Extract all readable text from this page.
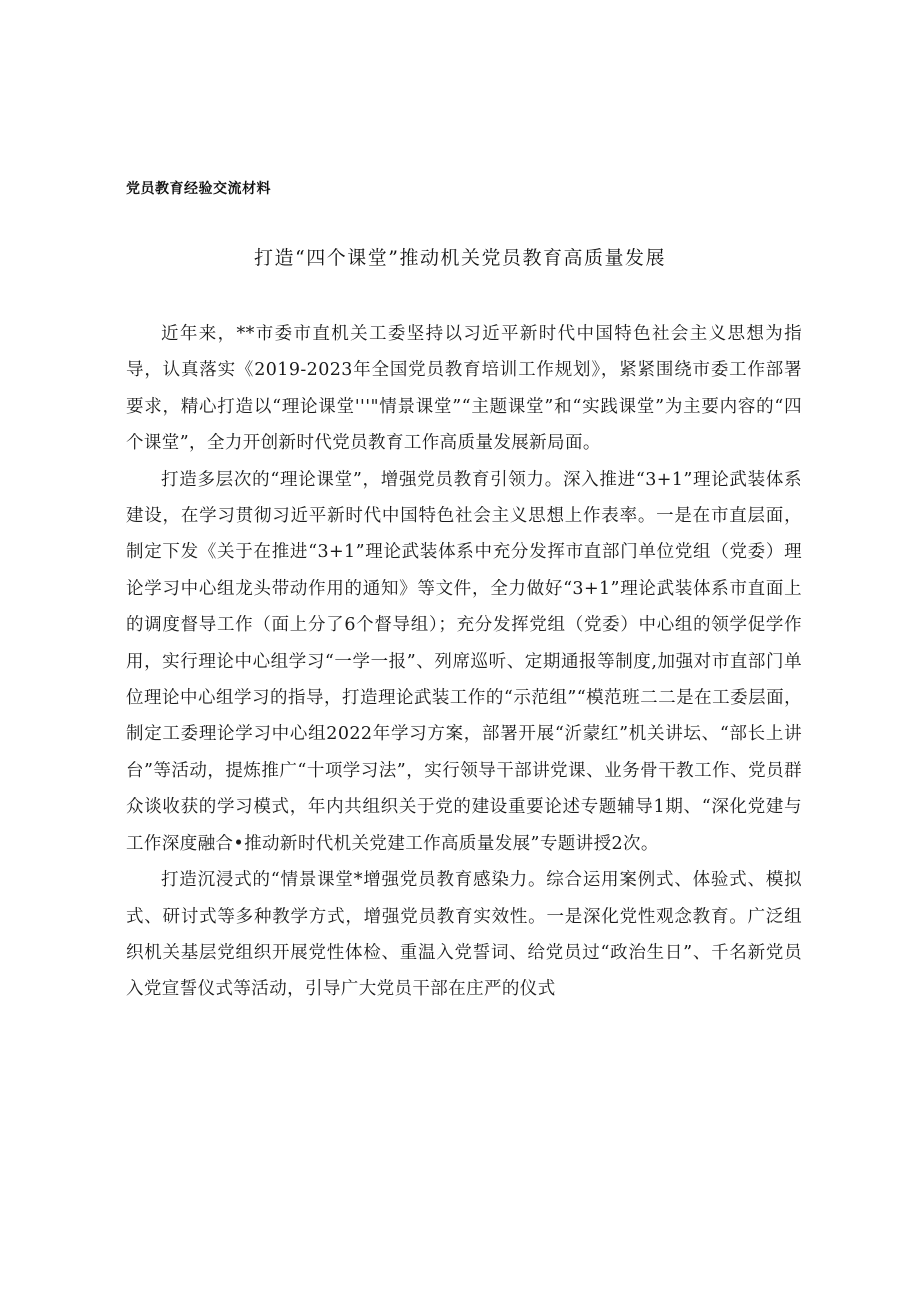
党员教育经验交流材料
打造“四个课堂”推动机关党员教育高质量发展

近年来，**市委市直机关工委坚持以习近平新时代中国特色社会主义思想为指导，认真落实《2019-2023年全国党员教育培训工作规划》，紧紧围绕市委工作部署要求，精心打造以“理论课堂'''"情景课堂”“主题课堂”和“实践课堂”为主要内容的“四个课堂”，全力开创新时代党员教育工作高质量发展新局面。

打造多层次的“理论课堂”，增强党员教育引领力。深入推进“3+1”理论武装体系建设，在学习贯彻习近平新时代中国特色社会主义思想上作表率。一是在市直层面，制定下发《关于在推进“3+1”理论武装体系中充分发挥市直部门单位党组（党委）理论学习中心组龙头带动作用的通知》等文件，全力做好“3+1”理论武装体系市直面上的调度督导工作（面上分了6个督导组）；充分发挥党组（党委）中心组的领学促学作用，实行理论中心组学习“一学一报”、列席巡听、定期通报等制度,加强对市直部门单位理论中心组学习的指导，打造理论武装工作的“示范组”“模范班二二是在工委层面，制定工委理论学习中心组2022年学习方案，部署开展“沂蒙红”机关讲坛、“部长上讲台”等活动，提炼推广“十项学习法”，实行领导干部讲党课、业务骨干教工作、党员群众谈收获的学习模式，年内共组织关于党的建设重要论述专题辅导1期、“深化党建与工作深度融合•推动新时代机关党建工作高质量发展”专题讲授2次。

打造沉浸式的“情景课堂*增强党员教育感染力。综合运用案例式、体验式、模拟式、研讨式等多种教学方式，增强党员教育实效性。一是深化党性观念教育。广泛组织机关基层党组织开展党性体检、重温入党誓词、给党员过“政治生日”、千名新党员入党宣誓仪式等活动，引导广大党员干部在庄严的仪式
